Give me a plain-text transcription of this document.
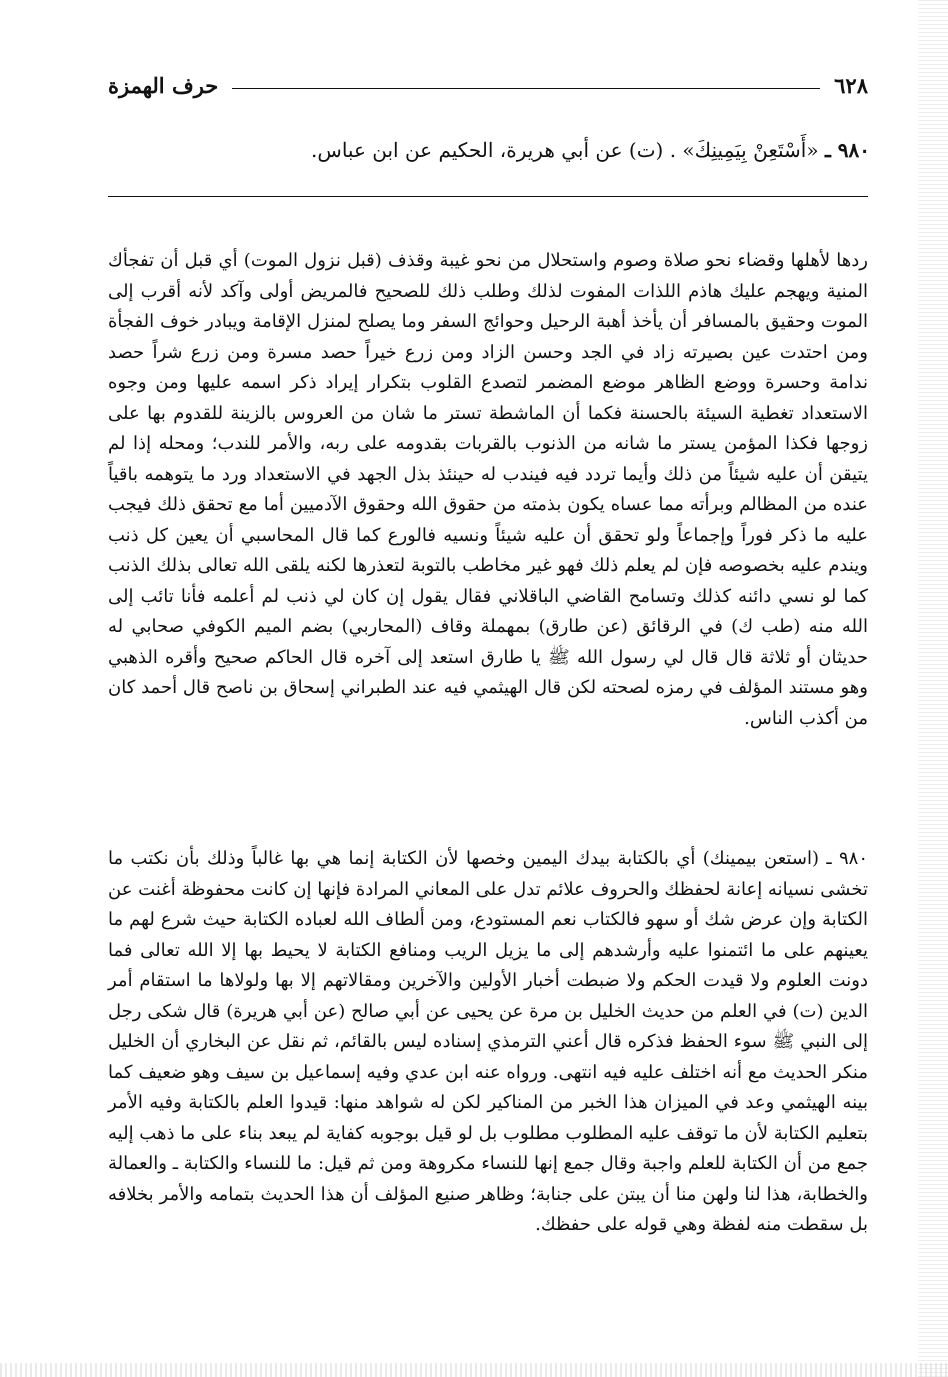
٦٢٨
حرف الهمزة
٩٨٠ ـ «أَسْتَعِنْ بِيَمِينِكَ» . (ت) عن أبي هريرة، الحكيم عن ابن عباس.

ردها لأهلها وقضاء نحو صلاة وصوم واستحلال من نحو غيبة وقذف (قبل نزول الموت) أي قبل أن تفجأك المنية ويهجم عليك هاذم اللذات المفوت لذلك وطلب ذلك للصحيح فالمريض أولى وآكد لأنه أقرب إلى الموت وحقيق بالمسافر أن يأخذ أهبة الرحيل وحوائج السفر وما يصلح لمنزل الإقامة ويبادر خوف الفجأة ومن احتدت عين بصيرته زاد في الجد وحسن الزاد ومن زرع خيراً حصد مسرة ومن زرع شراً حصد ندامة وحسرة ووضع الظاهر موضع المضمر لتصدع القلوب بتكرار إيراد ذكر اسمه عليها ومن وجوه الاستعداد تغطية السيئة بالحسنة فكما أن الماشطة تستر ما شان من العروس بالزينة للقدوم بها على زوجها فكذا المؤمن يستر ما شانه من الذنوب بالقربات بقدومه على ربه، والأمر للندب؛ ومحله إذا لم يتيقن أن عليه شيئاً من ذلك وأيما تردد فيه فيندب له حينئذ بذل الجهد في الاستعداد ورد ما يتوهمه باقياً عنده من المظالم وبرأته مما عساه يكون بذمته من حقوق الله وحقوق الآدميين أما مع تحقق ذلك فيجب عليه ما ذكر فوراً وإجماعاً ولو تحقق أن عليه شيئاً ونسيه فالورع كما قال المحاسبي أن يعين كل ذنب ويندم عليه بخصوصه فإن لم يعلم ذلك فهو غير مخاطب بالتوبة لتعذرها لكنه يلقى الله تعالى بذلك الذنب كما لو نسي دائنه كذلك وتسامح القاضي الباقلاني فقال يقول إن كان لي ذنب لم أعلمه فأنا تائب إلى الله منه (طب ك) في الرقائق (عن طارق) بمهملة وقاف (المحاربي) بضم الميم الكوفي صحابي له حديثان أو ثلاثة قال قال لي رسول الله ﷺ يا طارق استعد إلى آخره قال الحاكم صحيح وأقره الذهبي وهو مستند المؤلف في رمزه لصحته لكن قال الهيثمي فيه عند الطبراني إسحاق بن ناصح قال أحمد كان من أكذب الناس.

٩٨٠ ـ (استعن بيمينك) أي بالكتابة بيدك اليمين وخصها لأن الكتابة إنما هي بها غالباً وذلك بأن نكتب ما تخشى نسيانه إعانة لحفظك والحروف علائم تدل على المعاني المرادة فإنها إن كانت محفوظة أغنت عن الكتابة وإن عرض شك أو سهو فالكتاب نعم المستودع، ومن ألطاف الله لعباده الكتابة حيث شرع لهم ما يعينهم على ما ائتمنوا عليه وأرشدهم إلى ما يزيل الريب ومنافع الكتابة لا يحيط بها إلا الله تعالى فما دونت العلوم ولا قيدت الحكم ولا ضبطت أخبار الأولين والآخرين ومقالاتهم إلا بها ولولاها ما استقام أمر الدين (ت) في العلم من حديث الخليل بن مرة عن يحيى عن أبي صالح (عن أبي هريرة) قال شكى رجل إلى النبي ﷺ سوء الحفظ فذكره قال أعني الترمذي إسناده ليس بالقائم، ثم نقل عن البخاري أن الخليل منكر الحديث مع أنه اختلف عليه فيه انتهى. ورواه عنه ابن عدي وفيه إسماعيل بن سيف وهو ضعيف كما بينه الهيثمي وعد في الميزان هذا الخبر من المناكير لكن له شواهد منها: قيدوا العلم بالكتابة وفيه الأمر بتعليم الكتابة لأن ما توقف عليه المطلوب مطلوب بل لو قيل بوجوبه كفاية لم يبعد بناء على ما ذهب إليه جمع من أن الكتابة للعلم واجبة وقال جمع إنها للنساء مكروهة ومن ثم قيل: ما للنساء والكتابة ـ والعمالة والخطابة، هذا لنا ولهن منا أن يبتن على جنابة؛ وظاهر صنيع المؤلف أن هذا الحديث بتمامه والأمر بخلافه بل سقطت منه لفظة وهي قوله على حفظك.
